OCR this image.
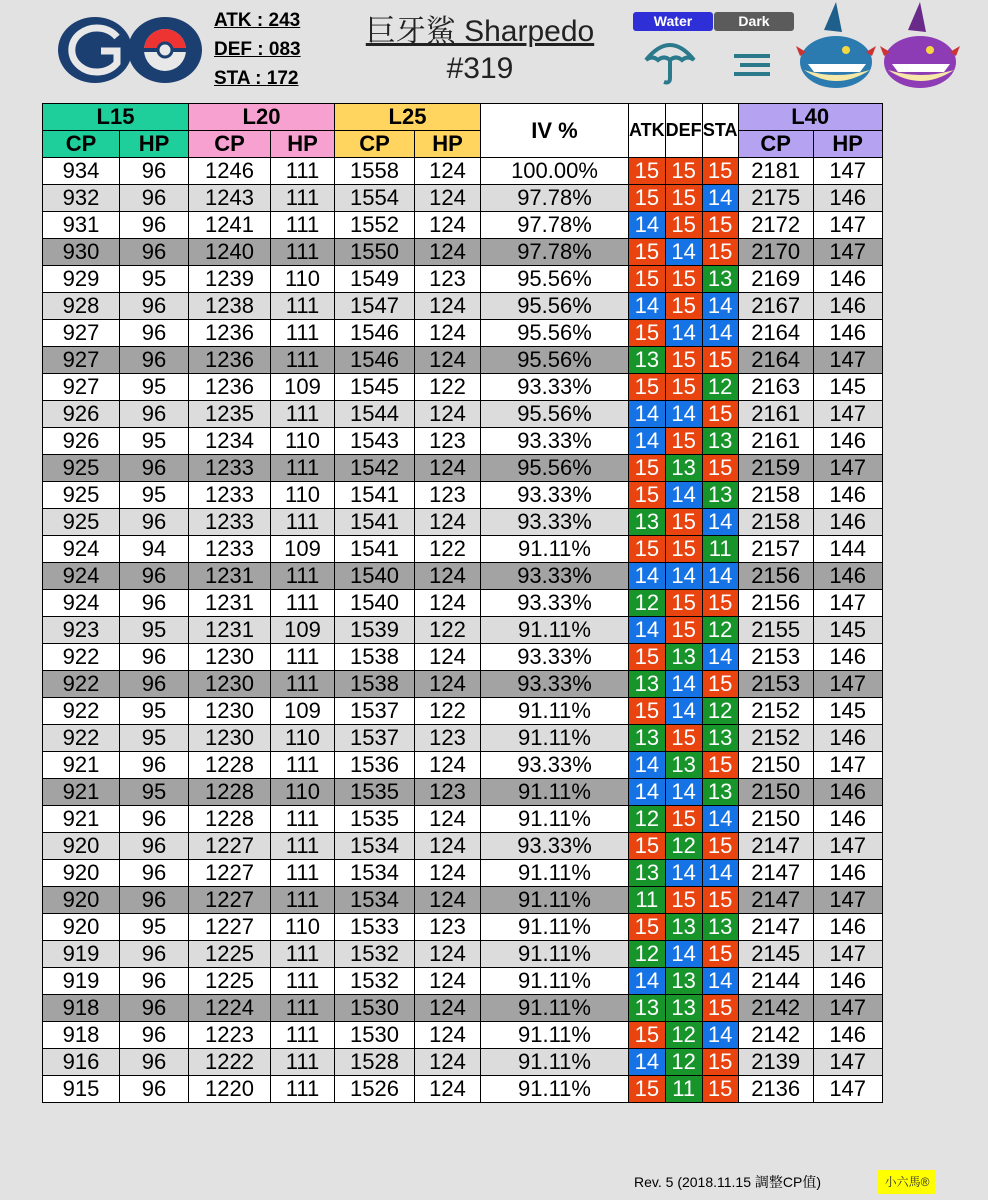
ATK : 243
DEF : 083
STA : 172
巨牙鯊 Sharpedo
#319
Water	Dark
L15		L20		L25		IV %	ATK	DEF	STA	L40	
CP	HP	CP	HP	CP	HP					CP	HP
934	96	1246	111	1558	124	100.00%	15	15	15	2181	147
932	96	1243	111	1554	124	97.78%	15	15	14	2175	146
931	96	1241	111	1552	124	97.78%	14	15	15	2172	147
930	96	1240	111	1550	124	97.78%	15	14	15	2170	147
929	95	1239	110	1549	123	95.56%	15	15	13	2169	146
928	96	1238	111	1547	124	95.56%	14	15	14	2167	146
927	96	1236	111	1546	124	95.56%	15	14	14	2164	146
927	96	1236	111	1546	124	95.56%	13	15	15	2164	147
927	95	1236	109	1545	122	93.33%	15	15	12	2163	145
926	96	1235	111	1544	124	95.56%	14	14	15	2161	147
926	95	1234	110	1543	123	93.33%	14	15	13	2161	146
925	96	1233	111	1542	124	95.56%	15	13	15	2159	147
925	95	1233	110	1541	123	93.33%	15	14	13	2158	146
925	96	1233	111	1541	124	93.33%	13	15	14	2158	146
924	94	1233	109	1541	122	91.11%	15	15	11	2157	144
924	96	1231	111	1540	124	93.33%	14	14	14	2156	146
924	96	1231	111	1540	124	93.33%	12	15	15	2156	147
923	95	1231	109	1539	122	91.11%	14	15	12	2155	145
922	96	1230	111	1538	124	93.33%	15	13	14	2153	146
922	96	1230	111	1538	124	93.33%	13	14	15	2153	147
922	95	1230	109	1537	122	91.11%	15	14	12	2152	145
922	95	1230	110	1537	123	91.11%	13	15	13	2152	146
921	96	1228	111	1536	124	93.33%	14	13	15	2150	147
921	95	1228	110	1535	123	91.11%	14	14	13	2150	146
921	96	1228	111	1535	124	91.11%	12	15	14	2150	146
920	96	1227	111	1534	124	93.33%	15	12	15	2147	147
920	96	1227	111	1534	124	91.11%	13	14	14	2147	146
920	96	1227	111	1534	124	91.11%	11	15	15	2147	147
920	95	1227	110	1533	123	91.11%	15	13	13	2147	146
919	96	1225	111	1532	124	91.11%	12	14	15	2145	147
919	96	1225	111	1532	124	91.11%	14	13	14	2144	146
918	96	1224	111	1530	124	91.11%	13	13	15	2142	147
918	96	1223	111	1530	124	91.11%	15	12	14	2142	146
916	96	1222	111	1528	124	91.11%	14	12	15	2139	147
915	96	1220	111	1526	124	91.11%	15	11	15	2136	147
Rev. 5 (2018.11.15 調整CP值)	小六馬®
